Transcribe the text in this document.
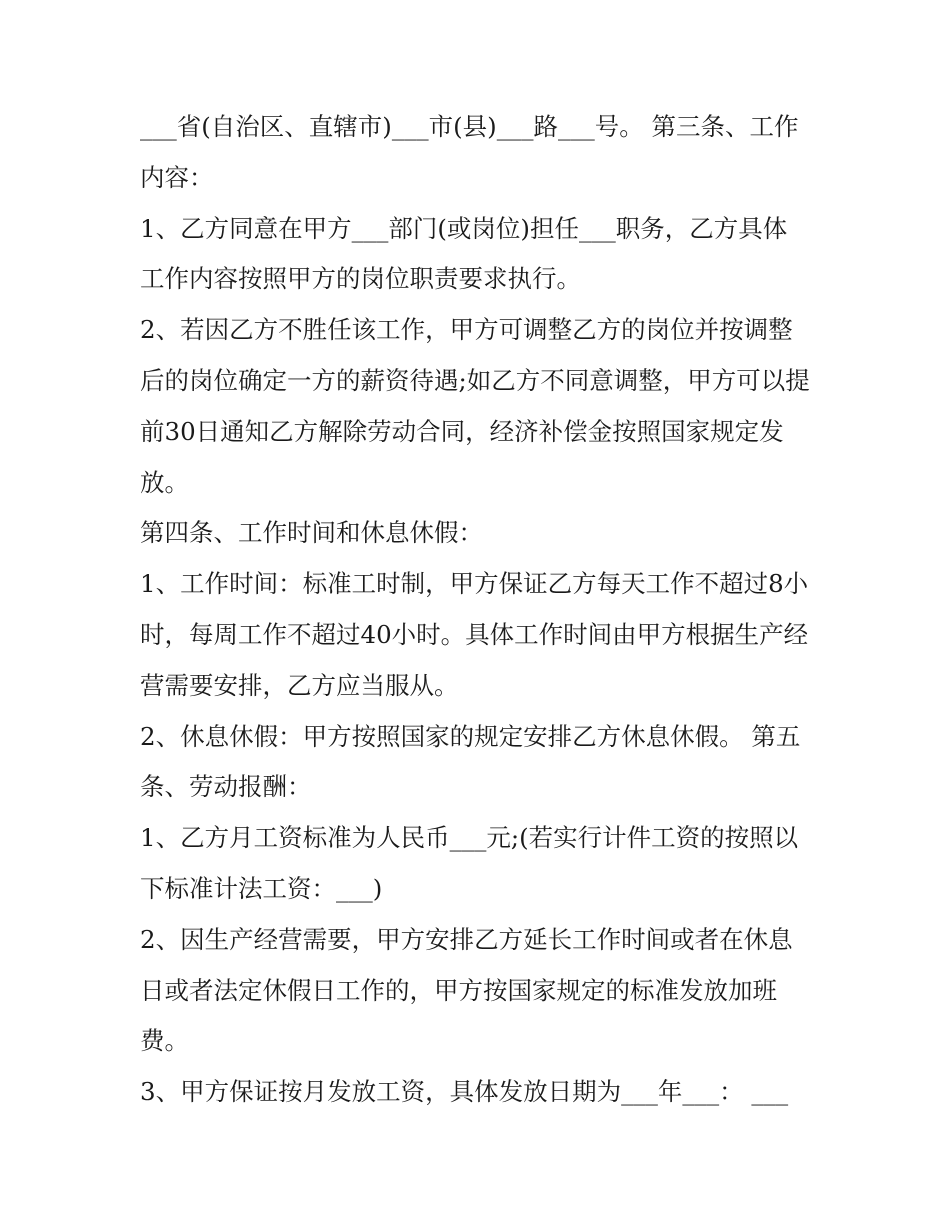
___省(自治区、直辖市)___市(县)___路___号。 第三条、工作内容：

1、乙方同意在甲方___部门(或岗位)担任___职务，乙方具体工作内容按照甲方的岗位职责要求执行。

2、若因乙方不胜任该工作，甲方可调整乙方的岗位并按调整后的岗位确定一方的薪资待遇;如乙方不同意调整，甲方可以提前30日通知乙方解除劳动合同，经济补偿金按照国家规定发放。

第四条、工作时间和休息休假：

1、工作时间：标准工时制，甲方保证乙方每天工作不超过8小时，每周工作不超过40小时。具体工作时间由甲方根据生产经营需要安排，乙方应当服从。

2、休息休假：甲方按照国家的规定安排乙方休息休假。 第五条、劳动报酬：

1、乙方月工资标准为人民币___元;(若实行计件工资的按照以下标准计法工资：___)

2、因生产经营需要，甲方安排乙方延长工作时间或者在休息日或者法定休假日工作的，甲方按国家规定的标准发放加班费。

3、甲方保证按月发放工资，具体发放日期为___年___： ___
